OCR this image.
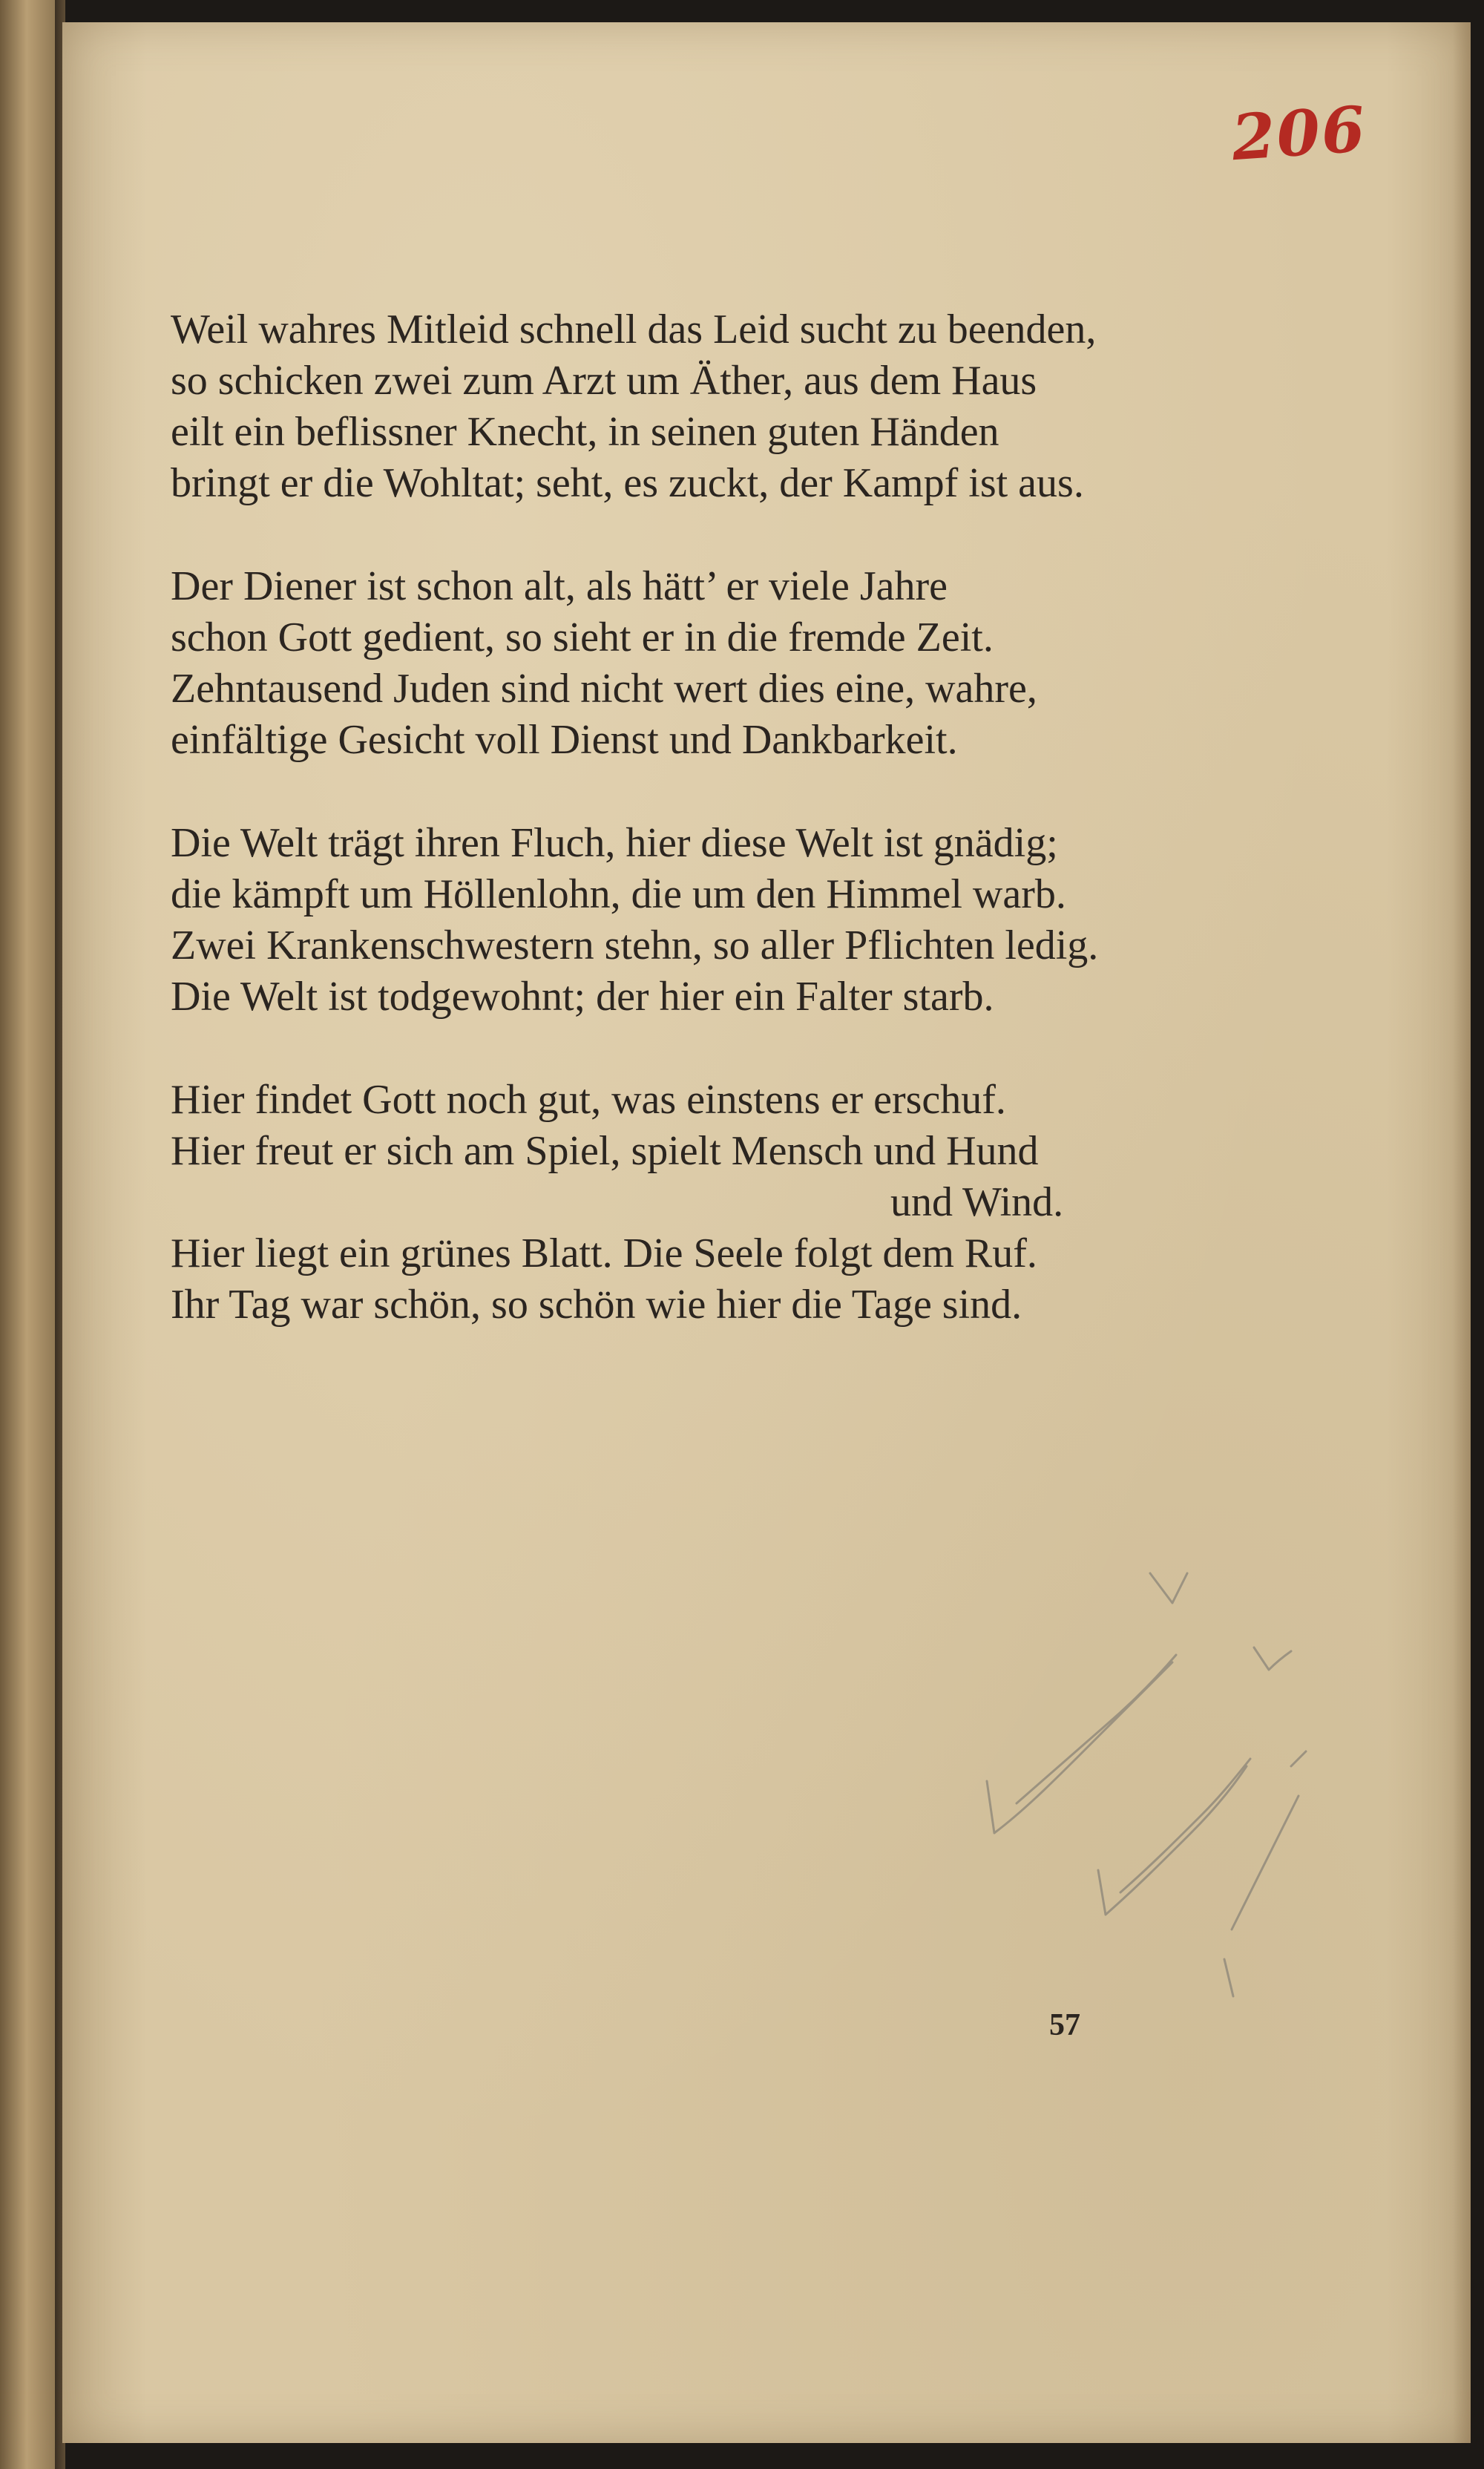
206
Weil wahres Mitleid schnell das Leid sucht zu beenden,
so schicken zwei zum Arzt um Äther, aus dem Haus
eilt ein beflissner Knecht, in seinen guten Händen
bringt er die Wohltat; seht, es zuckt, der Kampf ist aus.
Der Diener ist schon alt, als hätt’ er viele Jahre
schon Gott gedient, so sieht er in die fremde Zeit.
Zehntausend Juden sind nicht wert dies eine, wahre,
einfältige Gesicht voll Dienst und Dankbarkeit.
Die Welt trägt ihren Fluch, hier diese Welt ist gnädig;
die kämpft um Höllenlohn, die um den Himmel warb.
Zwei Krankenschwestern stehn, so aller Pflichten ledig.
Die Welt ist todgewohnt; der hier ein Falter starb.
Hier findet Gott noch gut, was einstens er erschuf.
Hier freut er sich am Spiel, spielt Mensch und Hund
und Wind.
Hier liegt ein grünes Blatt. Die Seele folgt dem Ruf.
Ihr Tag war schön, so schön wie hier die Tage sind.
57
